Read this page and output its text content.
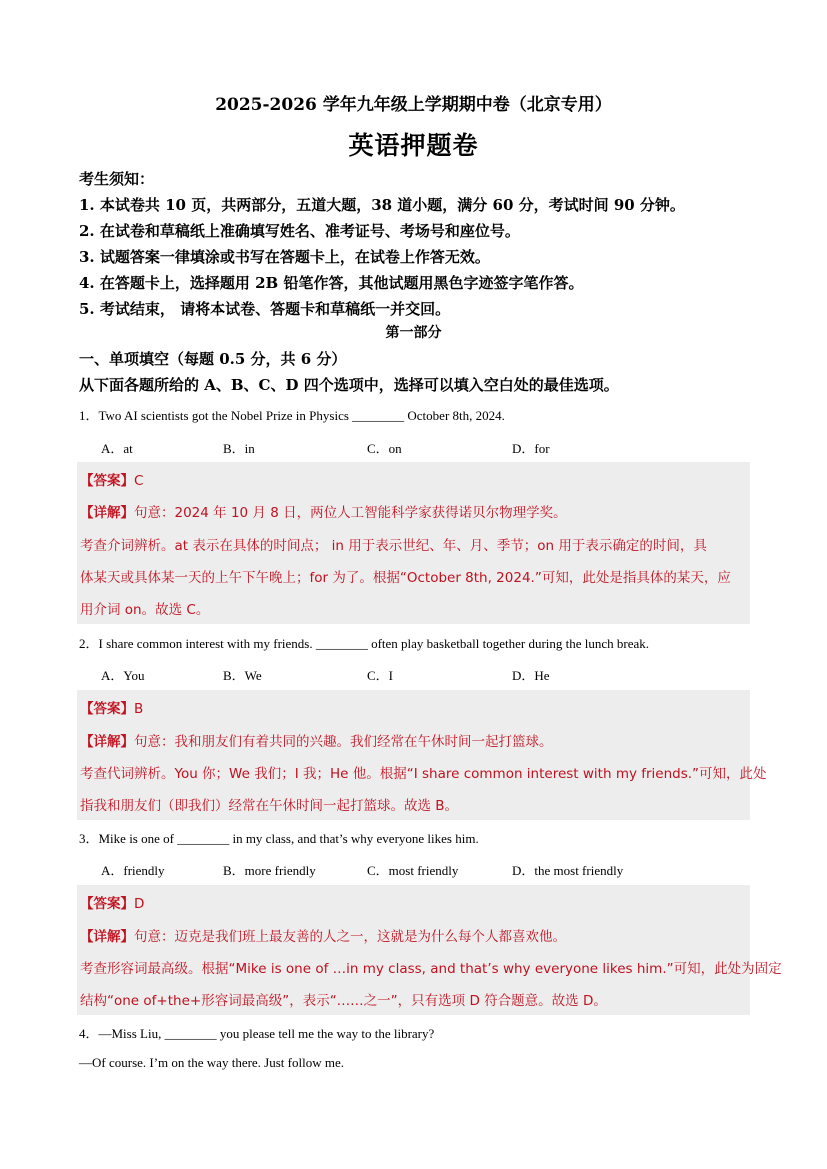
2025-2026 学年九年级上学期期中卷（北京专用）
英语押题卷
考生须知：
1. 本试卷共 10 页，共两部分，五道大题，38 道小题，满分 60 分，考试时间 90 分钟。
2. 在试卷和草稿纸上准确填写姓名、准考证号、考场号和座位号。
3. 试题答案一律填涂或书写在答题卡上，在试卷上作答无效。
4. 在答题卡上，选择题用 2B 铅笔作答，其他试题用黑色字迹签字笔作答。
5. 考试结束， 请将本试卷、答题卡和草稿纸一并交回。
第一部分
一、单项填空（每题 0.5 分，共 6 分）
从下面各题所给的 A、B、C、D 四个选项中，选择可以填入空白处的最佳选项。
1．Two AI scientists got the Nobel Prize in Physics ________ October 8th, 2024.
A．at	B．in	C．on	D．for
【答案】C
【详解】句意：2024 年 10 月 8 日，两位人工智能科学家获得诺贝尔物理学奖。
考查介词辨析。at 表示在具体的时间点； in 用于表示世纪、年、月、季节；on 用于表示确定的时间，具
体某天或具体某一天的上午下午晚上；for 为了。根据“October 8th, 2024.”可知，此处是指具体的某天，应
用介词 on。故选 C。
2．I share common interest with my friends. ________ often play basketball together during the lunch break.
A．You	B．We	C．I	D．He
【答案】B
【详解】句意：我和朋友们有着共同的兴趣。我们经常在午休时间一起打篮球。
考查代词辨析。You 你；We 我们；I 我；He 他。根据“I share common interest with my friends.”可知，此处
指我和朋友们（即我们）经常在午休时间一起打篮球。故选 B。
3．Mike is one of ________ in my class, and that’s why everyone likes him.
A．friendly	B．more friendly	C．most friendly	D．the most friendly
【答案】D
【详解】句意：迈克是我们班上最友善的人之一，这就是为什么每个人都喜欢他。
考查形容词最高级。根据“Mike is one of …in my class, and that’s why everyone likes him.”可知，此处为固定
结构“one of+the+形容词最高级”，表示“……之一”，只有选项 D 符合题意。故选 D。
4．—Miss Liu, ________ you please tell me the way to the library?
—Of course. I’m on the way there. Just follow me.
